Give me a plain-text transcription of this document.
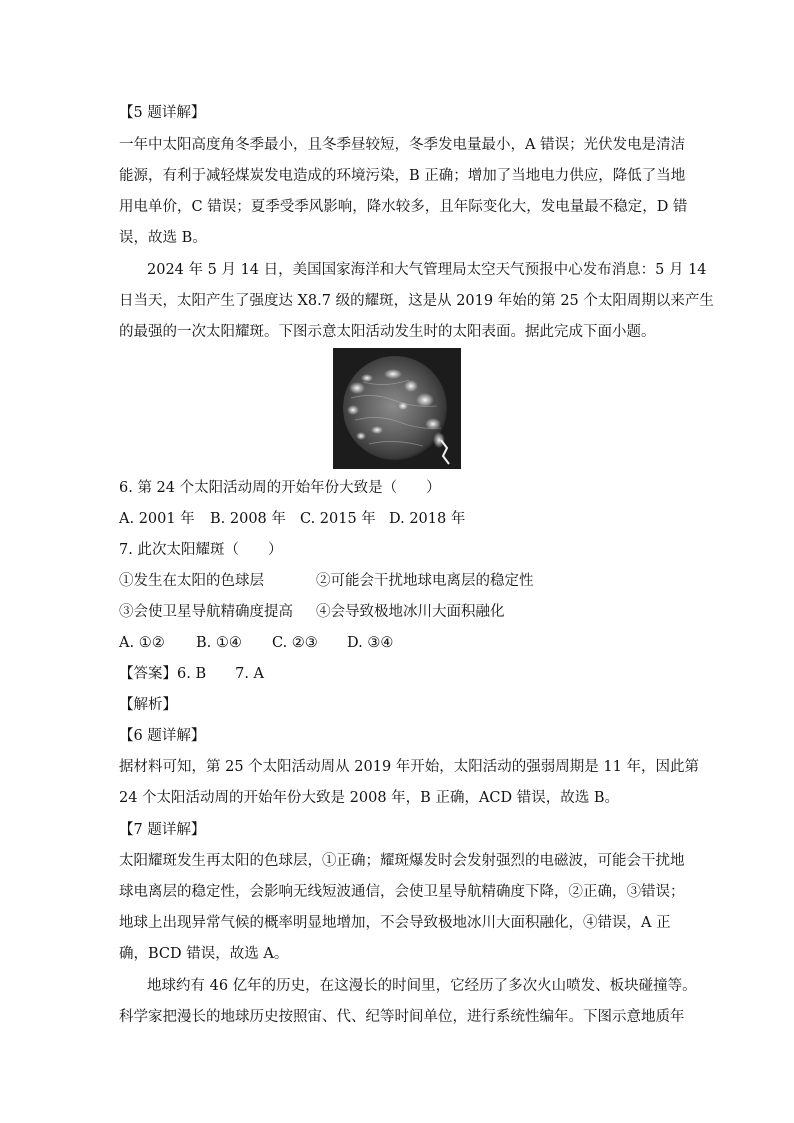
【5 题详解】
一年中太阳高度角冬季最小，且冬季昼较短，冬季发电量最小，A 错误；光伏发电是清洁
能源，有利于减轻煤炭发电造成的环境污染，B 正确；增加了当地电力供应，降低了当地
用电单价，C 错误；夏季受季风影响，降水较多，且年际变化大，发电量最不稳定，D 错
误，故选 B。
2024 年 5 月 14 日，美国国家海洋和大气管理局太空天气预报中心发布消息：5 月 14
日当天，太阳产生了强度达 X8.7 级的耀斑，这是从 2019 年始的第 25 个太阳周期以来产生
的最强的一次太阳耀斑。下图示意太阳活动发生时的太阳表面。据此完成下面小题。
6. 第 24 个太阳活动周的开始年份大致是（　　）
A. 2001 年 B. 2008 年 C. 2015 年 D. 2018 年
7. 此次太阳耀斑（　　）
①发生在太阳的色球层	②可能会干扰地球电离层的稳定性
③会使卫星导航精确度提高 ④会导致极地冰川大面积融化
A. ①② B. ①④ C. ②③ D. ③④
【答案】6. B　　7. A
【解析】
【6 题详解】
据材料可知，第 25 个太阳活动周从 2019 年开始，太阳活动的强弱周期是 11 年，因此第
24 个太阳活动周的开始年份大致是 2008 年，B 正确，ACD 错误，故选 B。
【7 题详解】
太阳耀斑发生再太阳的色球层，①正确；耀斑爆发时会发射强烈的电磁波，可能会干扰地
球电离层的稳定性，会影响无线短波通信，会使卫星导航精确度下降，②正确，③错误；
地球上出现异常气候的概率明显地增加，不会导致极地冰川大面积融化，④错误，A 正
确，BCD 错误，故选 A。
地球约有 46 亿年的历史，在这漫长的时间里，它经历了多次火山喷发、板块碰撞等。
科学家把漫长的地球历史按照宙、代、纪等时间单位，进行系统性编年。下图示意地质年
